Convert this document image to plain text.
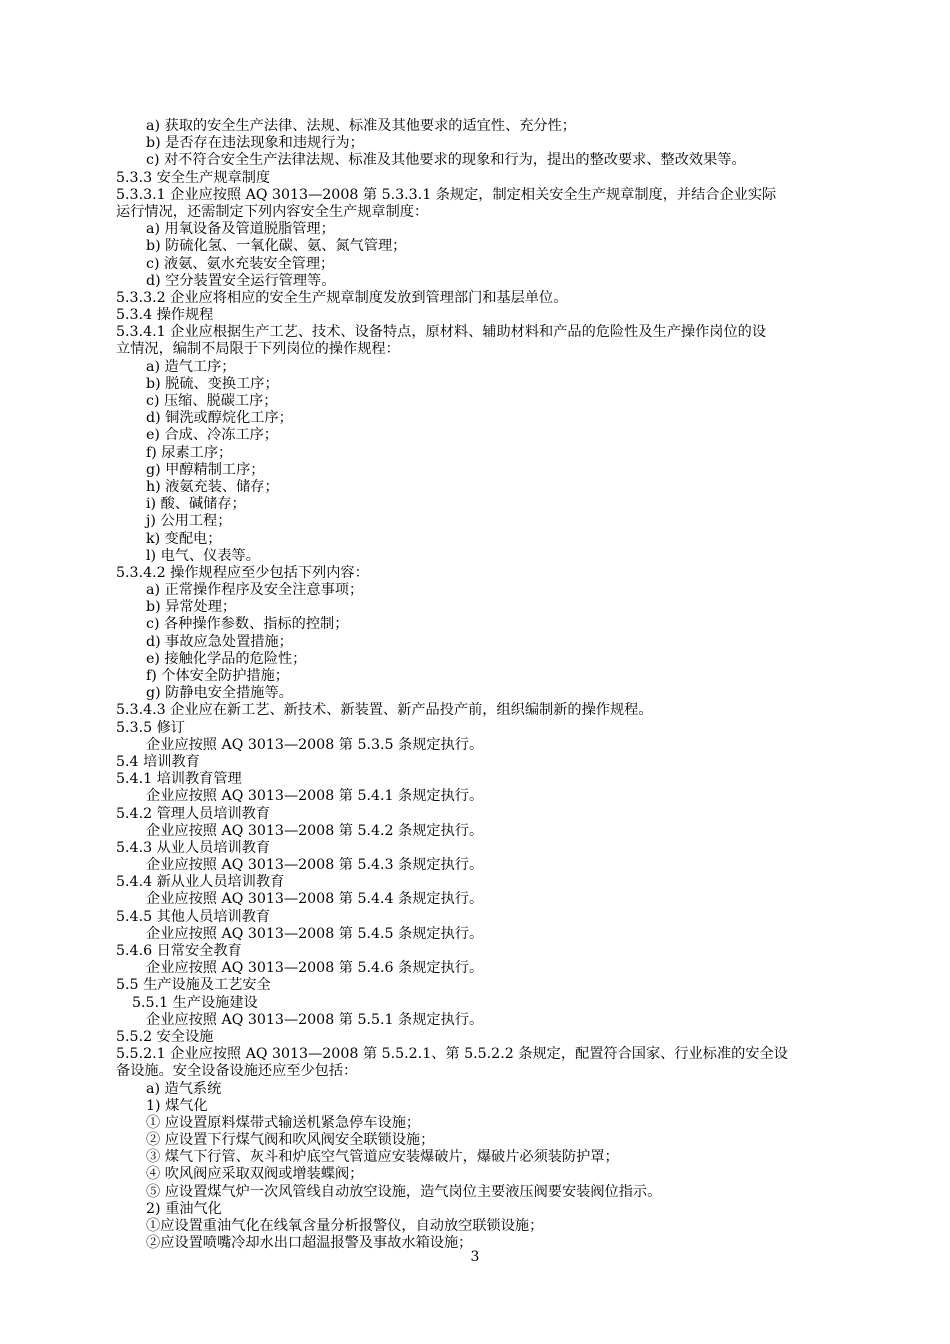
a) 获取的安全生产法律、法规、标准及其他要求的适宜性、充分性；
b) 是否存在违法现象和违规行为；
c) 对不符合安全生产法律法规、标准及其他要求的现象和行为，提出的整改要求、整改效果等。
5.3.3 安全生产规章制度
5.3.3.1 企业应按照 AQ 3013—2008 第 5.3.3.1 条规定，制定相关安全生产规章制度，并结合企业实际
运行情况，还需制定下列内容安全生产规章制度：
a) 用氧设备及管道脱脂管理；
b) 防硫化氢、一氧化碳、氨、氮气管理；
c) 液氨、氨水充装安全管理；
d) 空分装置安全运行管理等。
5.3.3.2 企业应将相应的安全生产规章制度发放到管理部门和基层单位。
5.3.4 操作规程
5.3.4.1 企业应根据生产工艺、技术、设备特点，原材料、辅助材料和产品的危险性及生产操作岗位的设
立情况，编制不局限于下列岗位的操作规程：
a) 造气工序；
b) 脱硫、变换工序；
c) 压缩、脱碳工序；
d) 铜洗或醇烷化工序；
e) 合成、冷冻工序；
f) 尿素工序；
g) 甲醇精制工序；
h) 液氨充装、储存；
i) 酸、碱储存；
j) 公用工程；
k) 变配电；
l) 电气、仪表等。
5.3.4.2 操作规程应至少包括下列内容：
a) 正常操作程序及安全注意事项；
b) 异常处理；
c) 各种操作参数、指标的控制；
d) 事故应急处置措施；
e) 接触化学品的危险性；
f) 个体安全防护措施；
g) 防静电安全措施等。
5.3.4.3 企业应在新工艺、新技术、新装置、新产品投产前，组织编制新的操作规程。
5.3.5 修订
企业应按照 AQ 3013—2008 第 5.3.5 条规定执行。
5.4 培训教育
5.4.1 培训教育管理
企业应按照 AQ 3013—2008 第 5.4.1 条规定执行。
5.4.2 管理人员培训教育
企业应按照 AQ 3013—2008 第 5.4.2 条规定执行。
5.4.3 从业人员培训教育
企业应按照 AQ 3013—2008 第 5.4.3 条规定执行。
5.4.4 新从业人员培训教育
企业应按照 AQ 3013—2008 第 5.4.4 条规定执行。
5.4.5 其他人员培训教育
企业应按照 AQ 3013—2008 第 5.4.5 条规定执行。
5.4.6 日常安全教育
企业应按照 AQ 3013—2008 第 5.4.6 条规定执行。
5.5 生产设施及工艺安全
5.5.1 生产设施建设
企业应按照 AQ 3013—2008 第 5.5.1 条规定执行。
5.5.2 安全设施
5.5.2.1 企业应按照 AQ 3013—2008 第 5.5.2.1、第 5.5.2.2 条规定，配置符合国家、行业标准的安全设
备设施。安全设备设施还应至少包括：
a) 造气系统
1) 煤气化
① 应设置原料煤带式输送机紧急停车设施；
② 应设置下行煤气阀和吹风阀安全联锁设施；
③ 煤气下行管、灰斗和炉底空气管道应安装爆破片，爆破片必须装防护罩；
④ 吹风阀应采取双阀或增装蝶阀；
⑤ 应设置煤气炉一次风管线自动放空设施，造气岗位主要液压阀要安装阀位指示。
2) 重油气化
①应设置重油气化在线氧含量分析报警仪，自动放空联锁设施；
②应设置喷嘴冷却水出口超温报警及事故水箱设施；
3
